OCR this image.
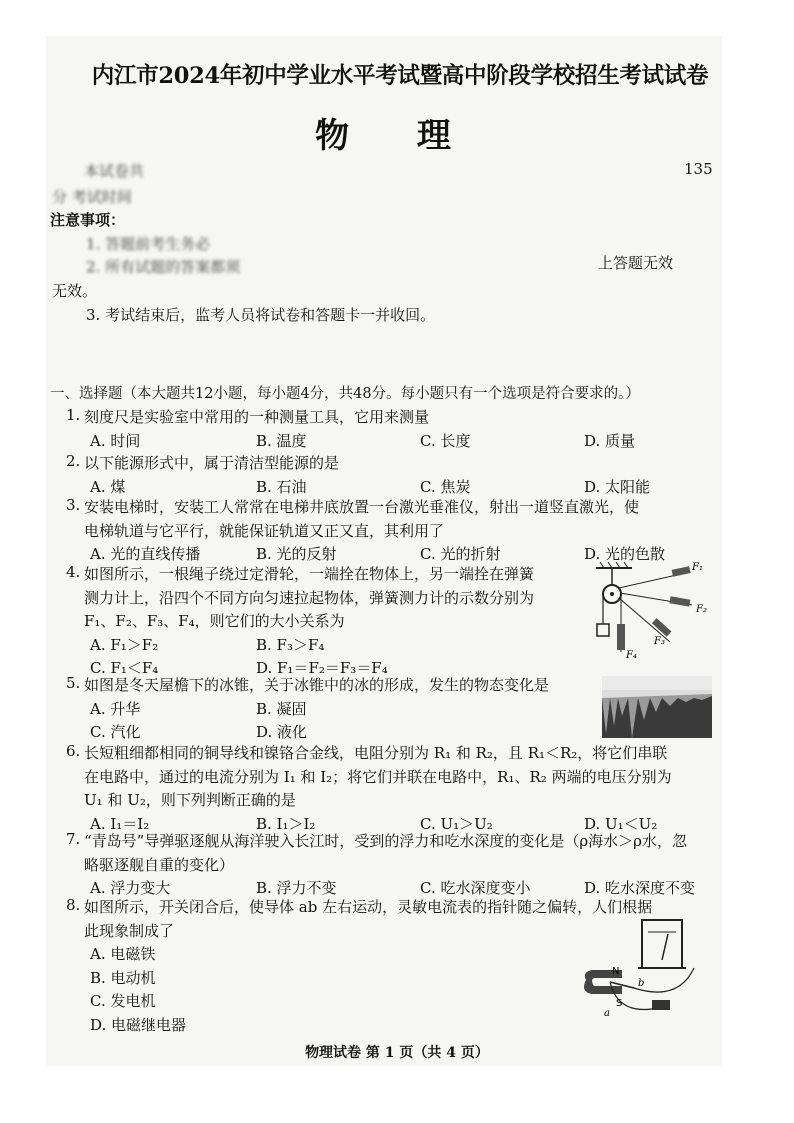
内江市2024年初中学业水平考试暨高中阶段学校招生考试试卷
物 理
本试卷共	135
分 考试时间
注意事项：
1. 答题前考生务必
2. 所有试题的答案都须	上答题无效
无效。
3. 考试结束后，监考人员将试卷和答题卡一并收回。
一、选择题（本大题共12小题，每小题4分，共48分。每小题只有一个选项是符合要求的。）
1. 刻度尺是实验室中常用的一种测量工具，它用来测量
A. 时间	B. 温度	C. 长度	D. 质量
2. 以下能源形式中，属于清洁型能源的是
A. 煤	B. 石油	C. 焦炭	D. 太阳能
3. 安装电梯时，安装工人常常在电梯井底放置一台激光垂准仪，射出一道竖直激光，使
电梯轨道与它平行，就能保证轨道又正又直，其利用了
A. 光的直线传播	B. 光的反射	C. 光的折射	D. 光的色散
4. 如图所示，一根绳子绕过定滑轮，一端拴在物体上，另一端拴在弹簧
测力计上，沿四个不同方向匀速拉起物体，弹簧测力计的示数分别为
F₁、F₂、F₃、F₄，则它们的大小关系为
A. F₁＞F₂	B. F₃＞F₄
C. F₁＜F₄	D. F₁＝F₂＝F₃＝F₄
5. 如图是冬天屋檐下的冰锥，关于冰锥中的冰的形成，发生的物态变化是
A. 升华	B. 凝固
C. 汽化	D. 液化
6. 长短粗细都相同的铜导线和镍铬合金线，电阻分别为 R₁ 和 R₂，且 R₁＜R₂，将它们串联
在电路中，通过的电流分别为 I₁ 和 I₂；将它们并联在电路中，R₁、R₂ 两端的电压分别为
U₁ 和 U₂，则下列判断正确的是
A. I₁＝I₂	B. I₁＞I₂	C. U₁＞U₂	D. U₁＜U₂
7. “青岛号”导弹驱逐舰从海洋驶入长江时，受到的浮力和吃水深度的变化是（ρ海水＞ρ水，忽
略驱逐舰自重的变化）
A. 浮力变大	B. 浮力不变	C. 吃水深度变小	D. 吃水深度不变
8. 如图所示，开关闭合后，使导体 ab 左右运动，灵敏电流表的指针随之偏转，人们根据
此现象制成了
A. 电磁铁
B. 电动机
C. 发电机
D. 电磁继电器
F₁
F₂
F₃
F₄
N
S
a
b
物理试卷 第 1 页（共 4 页）
